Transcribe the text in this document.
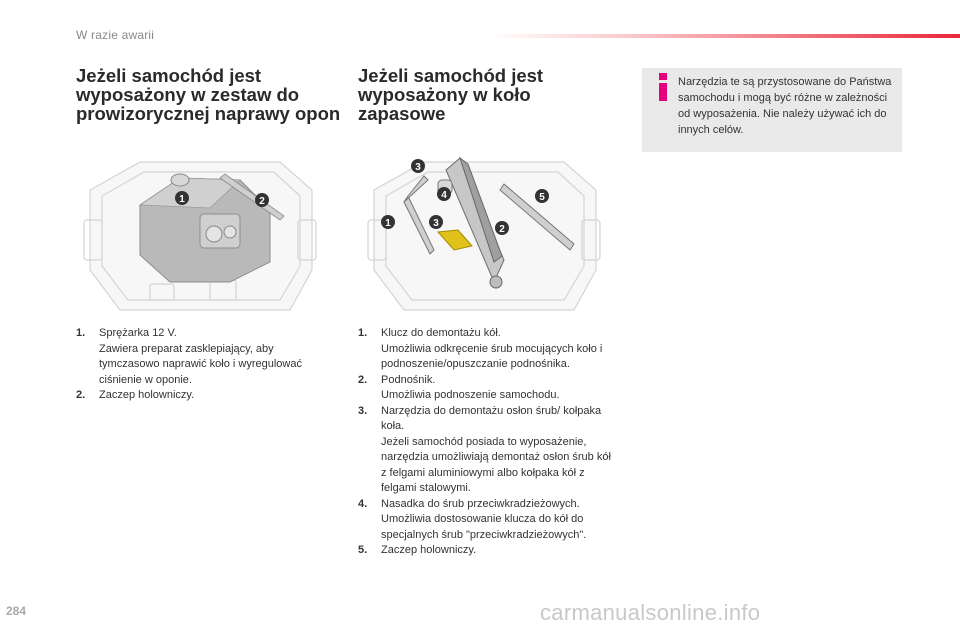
W razie awarii
Jeżeli samochód jest wyposażony w zestaw do prowizorycznej naprawy opon
Jeżeli samochód jest wyposażony w koło zapasowe
Narzędzia te są przystosowane do Państwa samochodu i mogą być różne w zależności od wyposażenia. Nie należy używać ich do innych celów.
1	2
3
4
1	3
2
5
1. Sprężarka 12 V.
Zawiera preparat zasklepiający, aby tymczasowo naprawić koło i wyregulować ciśnienie w oponie.
2. Zaczep holowniczy.
1. Klucz do demontażu kół.
Umożliwia odkręcenie śrub mocujących koło i podnoszenie/opuszczanie podnośnika.
2. Podnośnik.
Umożliwia podnoszenie samochodu.
3. Narzędzia do demontażu osłon śrub/ kołpaka koła.
Jeżeli samochód posiada to wyposażenie, narzędzia umożliwiają demontaż osłon śrub kół z felgami aluminiowymi albo kołpaka kół z felgami stalowymi.
4. Nasadka do śrub przeciwkradzieżowych.
Umożliwia dostosowanie klucza do kół do specjalnych śrub "przeciwkradzieżowych".
5. Zaczep holowniczy.
284	carmanualsonline.info
